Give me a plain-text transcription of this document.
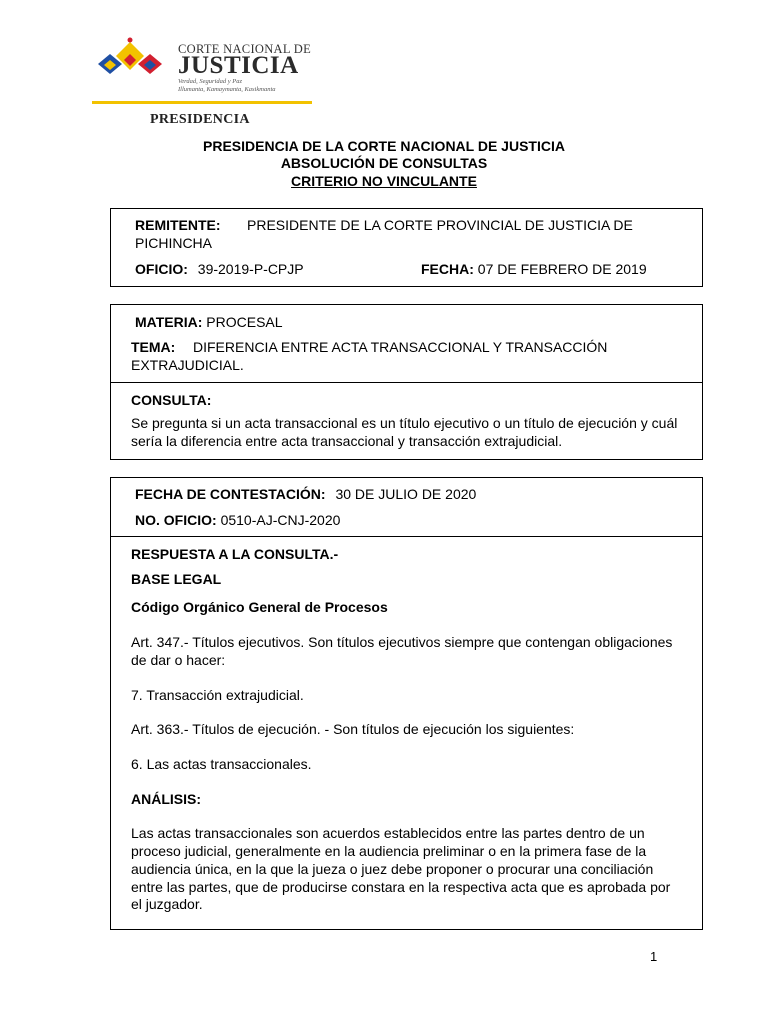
CORTE NACIONAL DE
JUSTICIA
Verdad, Seguridad y Paz
Illumanta, Kamaymanta, Kasikmanta
PRESIDENCIA
PRESIDENCIA DE LA CORTE NACIONAL DE JUSTICIA
ABSOLUCIÓN DE CONSULTAS
CRITERIO NO VINCULANTE
REMITENTE: PRESIDENTE DE LA CORTE PROVINCIAL DE JUSTICIA DE
PICHINCHA
OFICIO: 39-2019-P-CPJP	FECHA: 07 DE FEBRERO DE 2019
MATERIA: PROCESAL
TEMA: DIFERENCIA ENTRE ACTA TRANSACCIONAL Y TRANSACCIÓN
EXTRAJUDICIAL.
CONSULTA:
Se pregunta si un acta transaccional es un título ejecutivo o un título de ejecución y cuál
sería la diferencia entre acta transaccional y transacción extrajudicial.
FECHA DE CONTESTACIÓN: 30 DE JULIO DE 2020
NO. OFICIO: 0510-AJ-CNJ-2020
RESPUESTA A LA CONSULTA.-
BASE LEGAL
Código Orgánico General de Procesos
Art. 347.- Títulos ejecutivos. Son títulos ejecutivos siempre que contengan obligaciones
de dar o hacer:
7. Transacción extrajudicial.
Art. 363.- Títulos de ejecución. - Son títulos de ejecución los siguientes:
6. Las actas transaccionales.
ANÁLISIS:
Las actas transaccionales son acuerdos establecidos entre las partes dentro de un
proceso judicial, generalmente en la audiencia preliminar o en la primera fase de la
audiencia única, en la que la jueza o juez debe proponer o procurar una conciliación
entre las partes, que de producirse constara en la respectiva acta que es aprobada por
el juzgador.
1
